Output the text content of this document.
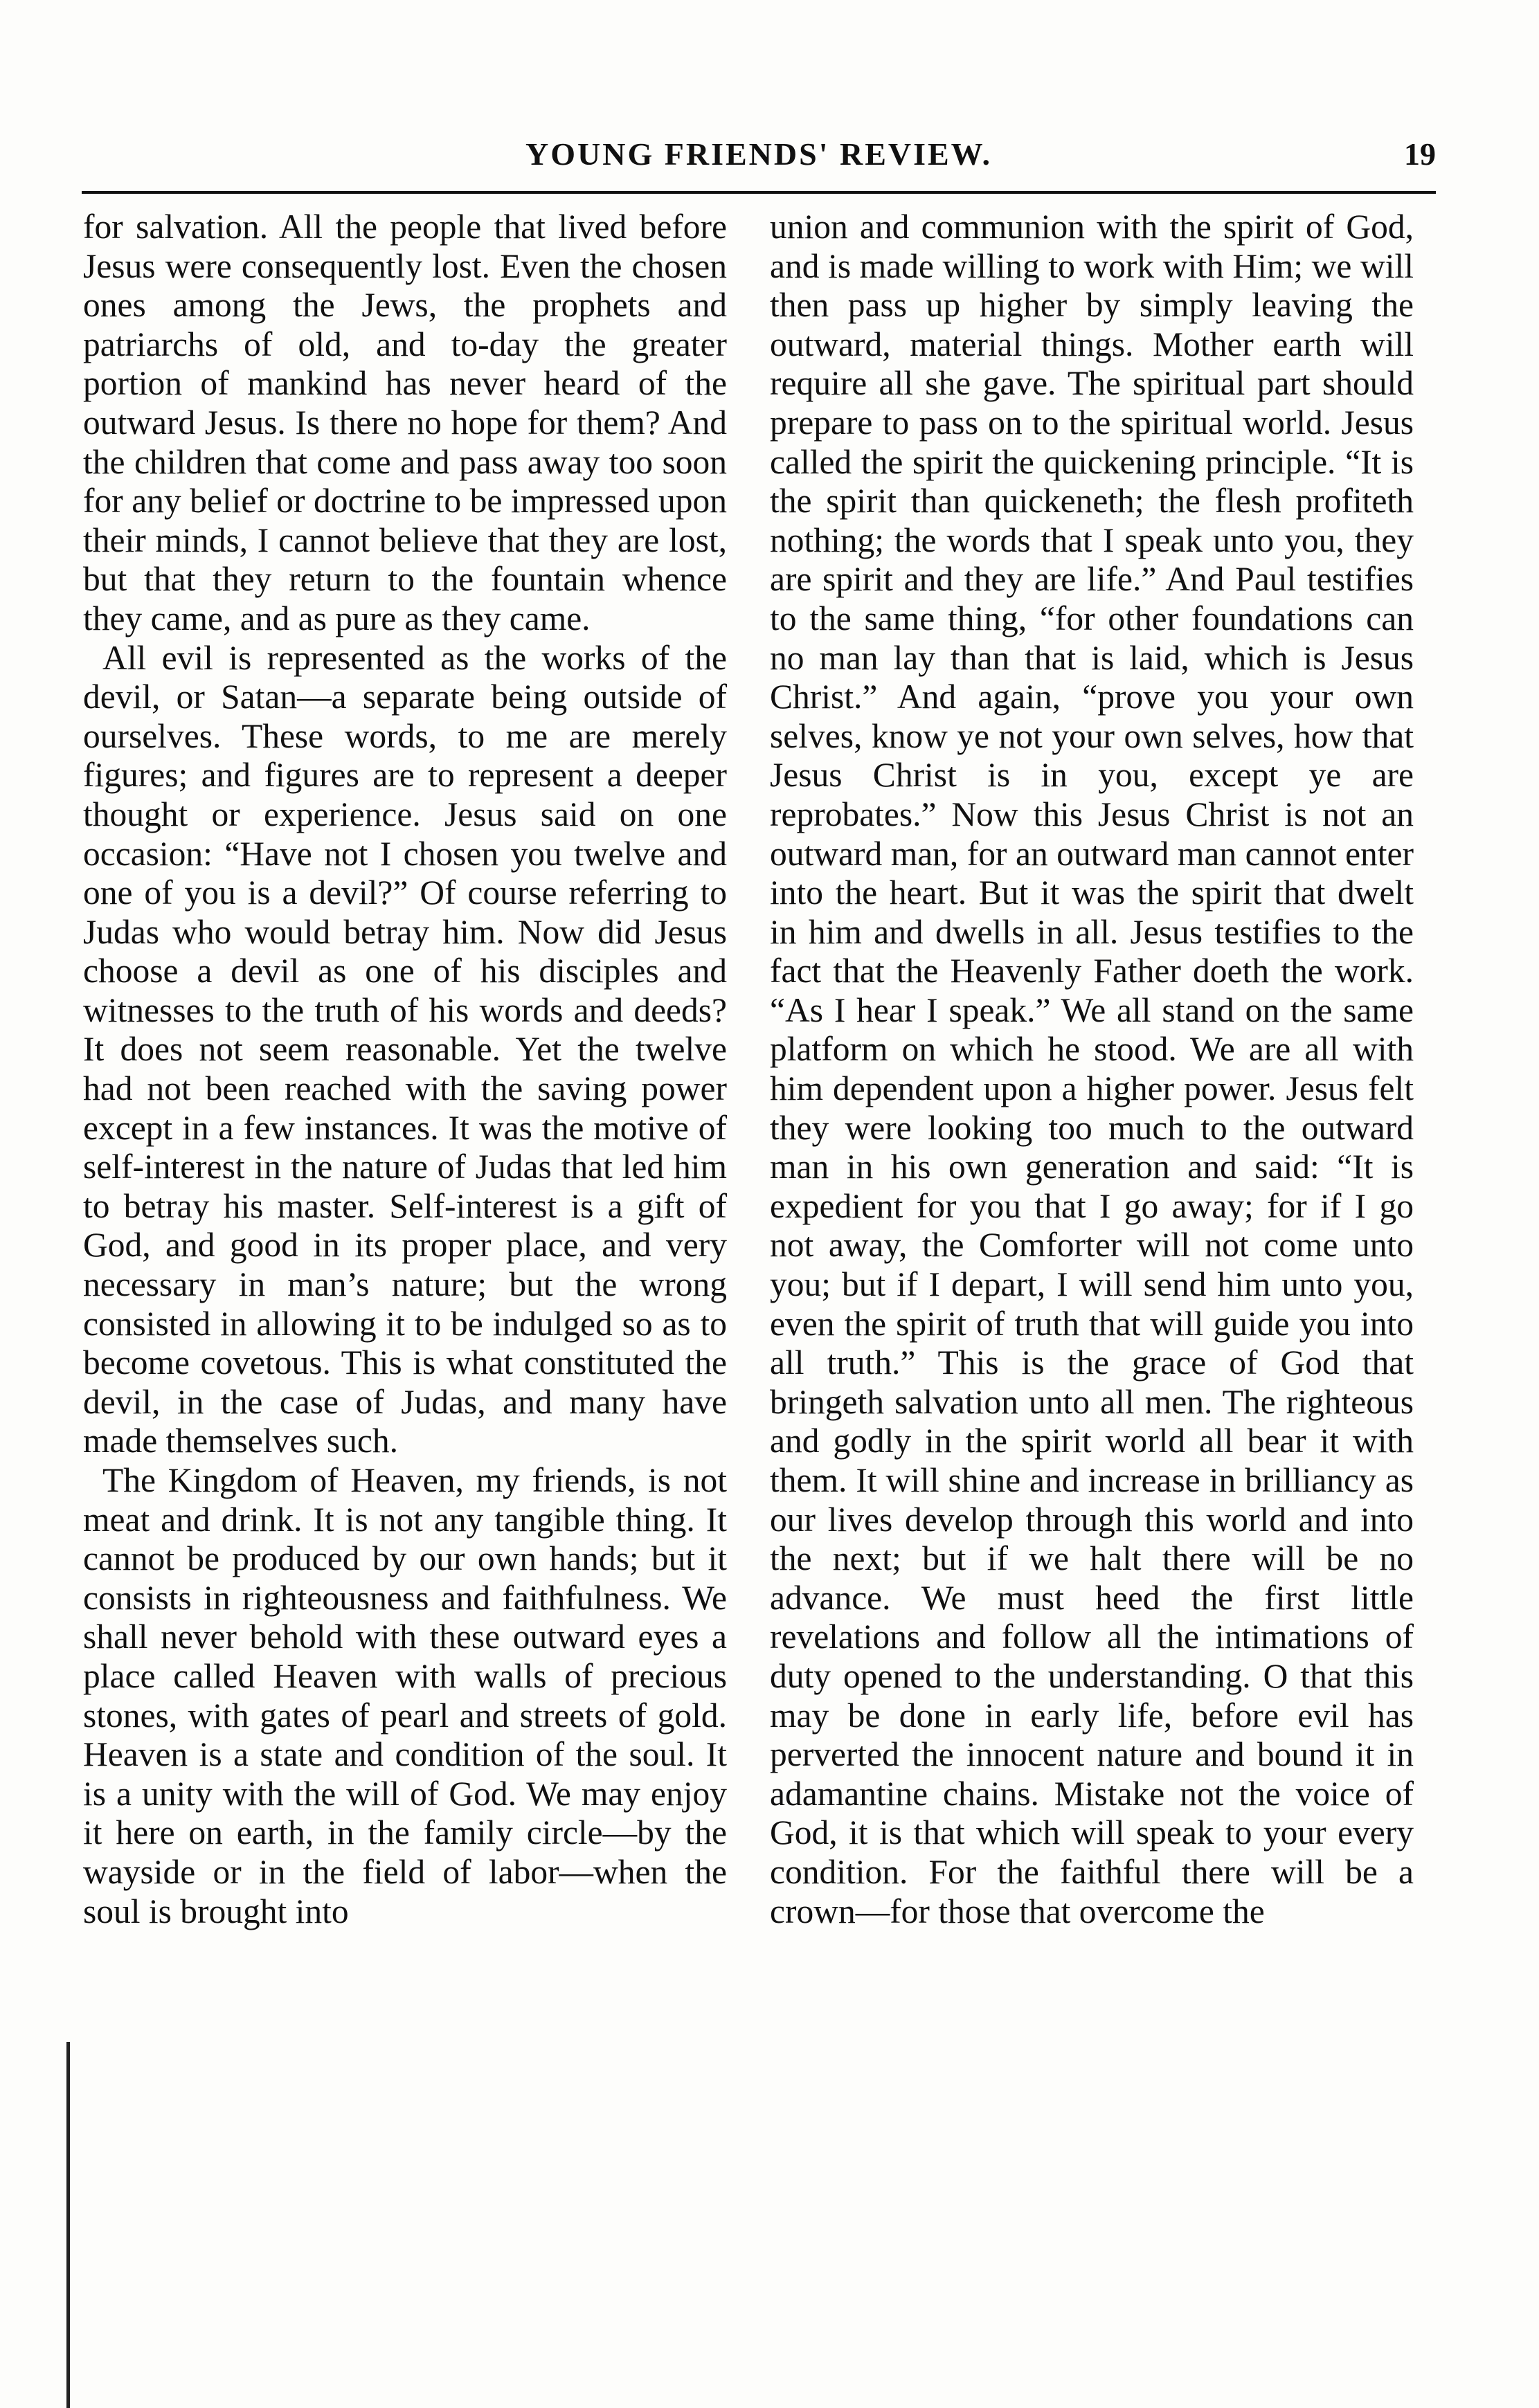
YOUNG FRIENDS' REVIEW.	19

for salvation. All the people that lived before Jesus were consequently lost. Even the chosen ones among the Jews, the prophets and patriarchs of old, and to-day the greater portion of mankind has never heard of the outward Jesus. Is there no hope for them? And the children that come and pass away too soon for any belief or doctrine to be impressed upon their minds, I cannot believe that they are lost, but that they return to the fountain whence they came, and as pure as they came.

All evil is represented as the works of the devil, or Satan—a separate being outside of ourselves. These words, to me are merely figures; and figures are to represent a deeper thought or experience. Jesus said on one occasion: “Have not I chosen you twelve and one of you is a devil?” Of course referring to Judas who would betray him. Now did Jesus choose a devil as one of his disciples and witnesses to the truth of his words and deeds? It does not seem reasonable. Yet the twelve had not been reached with the saving power except in a few instances. It was the motive of self-interest in the nature of Judas that led him to betray his master. Self-interest is a gift of God, and good in its proper place, and very necessary in man’s nature; but the wrong consisted in allowing it to be indulged so as to become covetous. This is what constituted the devil, in the case of Judas, and many have made themselves such.

The Kingdom of Heaven, my friends, is not meat and drink. It is not any tangible thing. It cannot be produced by our own hands; but it consists in righteousness and faithfulness. We shall never behold with these outward eyes a place called Heaven with walls of precious stones, with gates of pearl and streets of gold. Heaven is a state and condition of the soul. It is a unity with the will of God. We may enjoy it here on earth, in the family circle—by the wayside or in the field of labor—when the soul is brought into

union and communion with the spirit of God, and is made willing to work with Him; we will then pass up higher by simply leaving the outward, material things. Mother earth will require all she gave. The spiritual part should prepare to pass on to the spiritual world. Jesus called the spirit the quickening principle. “It is the spirit than quickeneth; the flesh profiteth nothing; the words that I speak unto you, they are spirit and they are life.” And Paul testifies to the same thing, “for other foundations can no man lay than that is laid, which is Jesus Christ.” And again, “prove you your own selves, know ye not your own selves, how that Jesus Christ is in you, except ye are reprobates.” Now this Jesus Christ is not an outward man, for an outward man cannot enter into the heart. But it was the spirit that dwelt in him and dwells in all. Jesus testifies to the fact that the Heavenly Father doeth the work. “As I hear I speak.” We all stand on the same platform on which he stood. We are all with him dependent upon a higher power. Jesus felt they were looking too much to the outward man in his own generation and said: “It is expedient for you that I go away; for if I go not away, the Comforter will not come unto you; but if I depart, I will send him unto you, even the spirit of truth that will guide you into all truth.” This is the grace of God that bringeth salvation unto all men. The righteous and godly in the spirit world all bear it with them. It will shine and increase in brilliancy as our lives develop through this world and into the next; but if we halt there will be no advance. We must heed the first little revelations and follow all the intimations of duty opened to the understanding. O that this may be done in early life, before evil has perverted the innocent nature and bound it in adamantine chains. Mistake not the voice of God, it is that which will speak to your every condition. For the faithful there will be a crown—for those that overcome the
